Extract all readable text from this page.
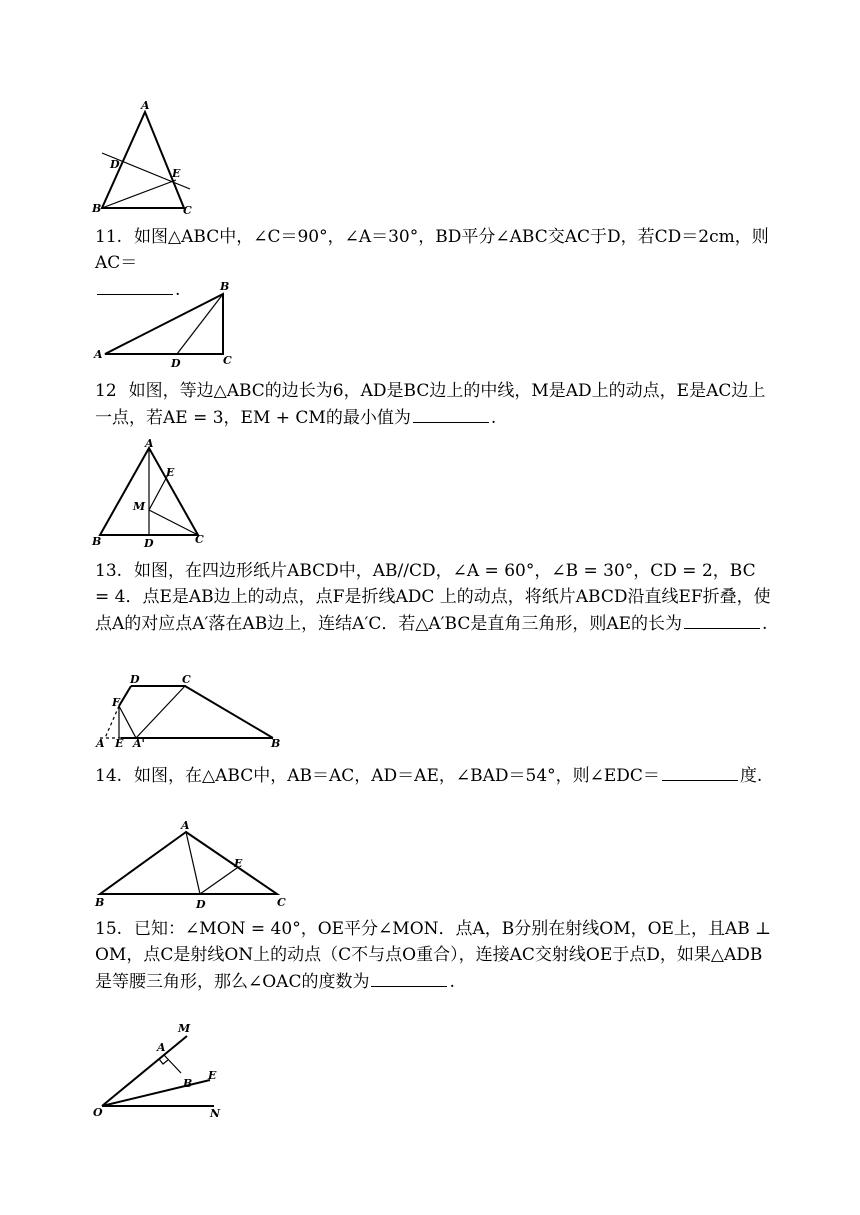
A
D
E
B	C
11. 如图△ABC中，∠C＝90°，∠A＝30°，BD平分∠ABC交AC于D，若CD＝2cm，则AC＝
.
A
B
C
D
12 如图，等边△ABC的边长为6，AD是BC边上的中线，M是AD上的动点，E是AC边上一点，若AE = 3，EM + CM的最小值为	.
A
E
M
B	D	C
13. 如图，在四边形纸片ABCD中，AB//CD，∠A = 60°，∠B = 30°，CD = 2，BC = 4．点E是AB边上的动点，点F是折线ADC 上的动点，将纸片ABCD沿直线EF折叠，使点A的对应点A′落在AB边上，连结A′C．若△A′BC是直角三角形，则AE的长为	.
D	C
F
A E A'	B
14. 如图，在△ABC中，AB＝AC，AD＝AE，∠BAD＝54°，则∠EDC＝	度.
A
E
B	D	C
15. 已知：∠MON = 40°，OE平分∠MON．点A，B分别在射线OM，OE上，且AB ⊥ OM，点C是射线ON上的动点（C不与点O重合），连接AC交射线OE于点D，如果△ADB是等腰三角形，那么∠OAC的度数为	.
M
A
E
B
O	N
